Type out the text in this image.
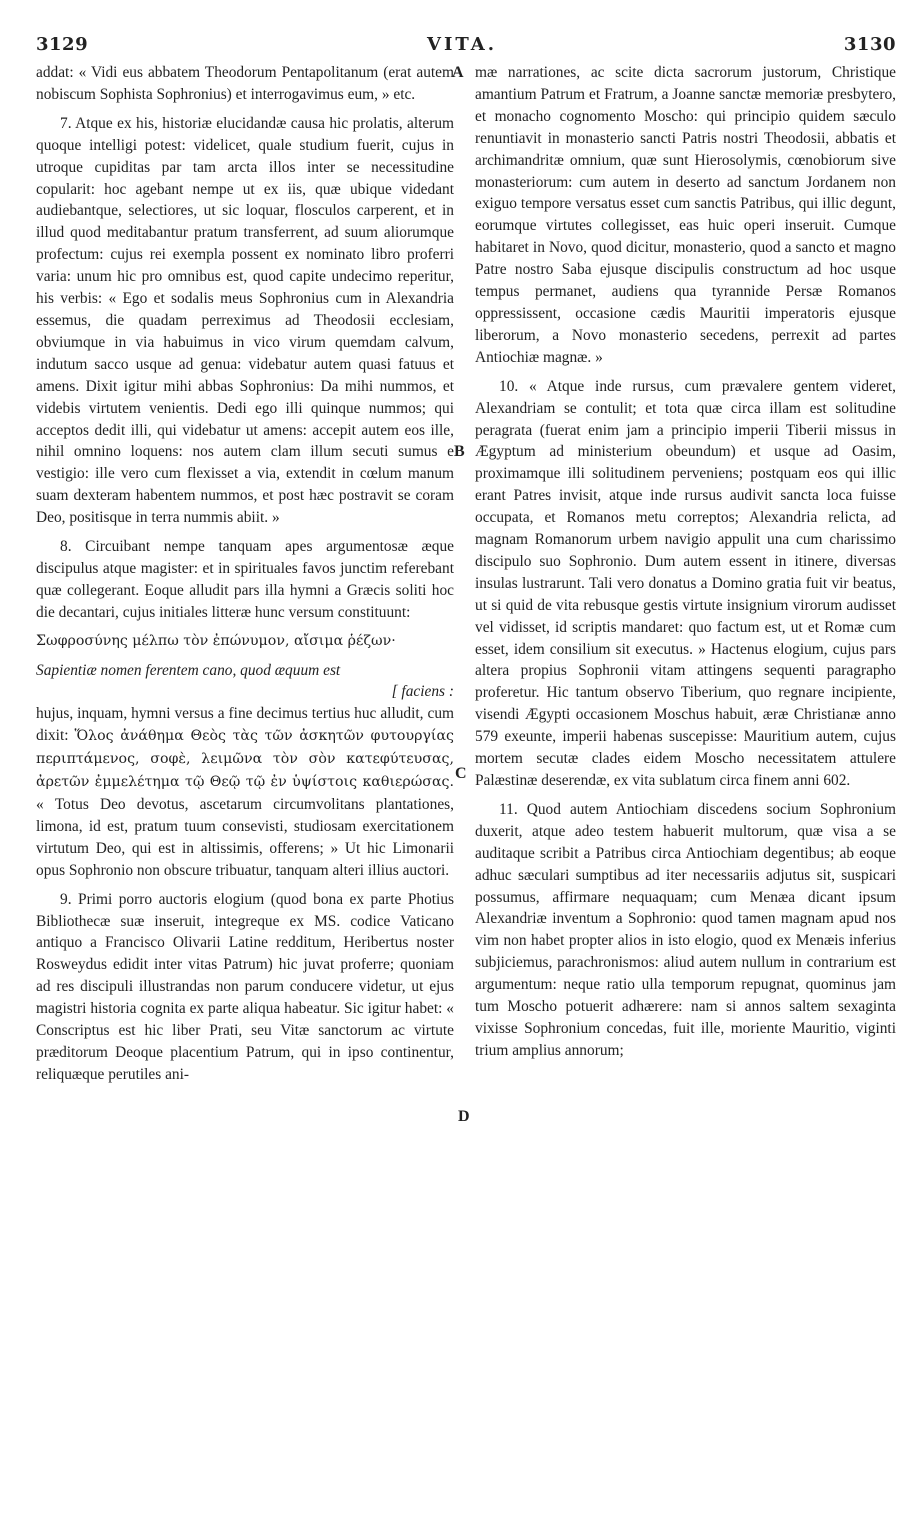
3129	VITA.	3130
A
B
C
D

addat: « Vidi eus abbatem Theodorum Pentapolitanum (erat autem nobiscum Sophista Sophronius) et interrogavimus eum, » etc.

7. Atque ex his, historiæ elucidandæ causa hic prolatis, alterum quoque intelligi potest: videlicet, quale studium fuerit, cujus in utroque cupiditas par tam arcta illos inter se necessitudine copularit: hoc agebant nempe ut ex iis, quæ ubique videdant audiebantque, selectiores, ut sic loquar, flosculos carperent, et in illud quod meditabantur pratum transferrent, ad suum aliorumque profectum: cujus rei exempla possent ex nominato libro proferri varia: unum hic pro omnibus est, quod capite undecimo reperitur, his verbis: « Ego et sodalis meus Sophronius cum in Alexandria essemus, die quadam perreximus ad Theodosii ecclesiam, obviumque in via habuimus in vico virum quemdam calvum, indutum sacco usque ad genua: videbatur autem quasi fatuus et amens. Dixit igitur mihi abbas Sophronius: Da mihi nummos, et videbis virtutem venientis. Dedi ego illi quinque nummos; qui acceptos dedit illi, qui videbatur ut amens: accepit autem eos ille, nihil omnino loquens: nos autem clam illum secuti sumus e vestigio: ille vero cum flexisset a via, extendit in cœlum manum suam dexteram habentem nummos, et post hæc postravit se coram Deo, positisque in terra nummis abiit. »

8. Circuibant nempe tanquam apes argumentosæ æque discipulus atque magister: et in spirituales favos junctim referebant quæ collegerant. Eoque alludit pars illa hymni a Græcis soliti hoc die decantari, cujus initiales litteræ hunc versum constituunt:

Σωφροσύνης μέλπω τὸν ἐπώνυμον, αἴσιμα ῥέζων·

Sapientiæ nomen ferentem cano, quod æquum est

[ faciens :

hujus, inquam, hymni versus a fine decimus tertius huc alludit, cum dixit: Ὅλος ἀνάθημα Θεὸς τὰς τῶν ἀσκητῶν φυτουργίας περιπτάμενος, σοφὲ, λειμῶνα τὸν σὸν κατεφύτευσας, ἀρετῶν ἐμμελέτημα τῷ Θεῷ τῷ ἐν ὑψίστοις καθιερώσας. « Totus Deo devotus, ascetarum circumvolitans plantationes, limona, id est, pratum tuum consevisti, studiosam exercitationem virtutum Deo, qui est in altissimis, offerens; » Ut hic Limonarii opus Sophronio non obscure tribuatur, tanquam alteri illius auctori.

9. Primi porro auctoris elogium (quod bona ex parte Photius Bibliothecæ suæ inseruit, integreque ex MS. codice Vaticano antiquo a Francisco Olivarii Latine redditum, Heribertus noster Rosweydus edidit inter vitas Patrum) hic juvat proferre; quoniam ad res discipuli illustrandas non parum conducere videtur, ut ejus magistri historia cognita ex parte aliqua habeatur. Sic igitur habet: « Conscriptus est hic liber Prati, seu Vitæ sanctorum ac virtute præditorum Deoque placentium Patrum, qui in ipso continentur, reliquæque perutiles ani-

mæ narrationes, ac scite dicta sacrorum justorum, Christique amantium Patrum et Fratrum, a Joanne sanctæ memoriæ presbytero, et monacho cognomento Moscho: qui principio quidem sæculo renuntiavit in monasterio sancti Patris nostri Theodosii, abbatis et archimandritæ omnium, quæ sunt Hierosolymis, cœnobiorum sive monasteriorum: cum autem in deserto ad sanctum Jordanem non exiguo tempore versatus esset cum sanctis Patribus, qui illic degunt, eorumque virtutes collegisset, eas huic operi inseruit. Cumque habitaret in Novo, quod dicitur, monasterio, quod a sancto et magno Patre nostro Saba ejusque discipulis constructum ad hoc usque tempus permanet, audiens qua tyrannide Persæ Romanos oppressissent, occasione cædis Mauritii imperatoris ejusque liberorum, a Novo monasterio secedens, perrexit ad partes Antiochiæ magnæ. »

10. « Atque inde rursus, cum prævalere gentem videret, Alexandriam se contulit; et tota quæ circa illam est solitudine peragrata (fuerat enim jam a principio imperii Tiberii missus in Ægyptum ad ministerium obeundum) et usque ad Oasim, proximamque illi solitudinem perveniens; postquam eos qui illic erant Patres invisit, atque inde rursus audivit sancta loca fuisse occupata, et Romanos metu correptos; Alexandria relicta, ad magnam Romanorum urbem navigio appulit una cum charissimo discipulo suo Sophronio. Dum autem essent in itinere, diversas insulas lustrarunt. Tali vero donatus a Domino gratia fuit vir beatus, ut si quid de vita rebusque gestis virtute insignium virorum audisset vel vidisset, id scriptis mandaret: quo factum est, ut et Romæ cum esset, idem consilium sit executus. » Hactenus elogium, cujus pars altera propius Sophronii vitam attingens sequenti paragrapho proferetur. Hic tantum observo Tiberium, quo regnare incipiente, visendi Ægypti occasionem Moschus habuit, æræ Christianæ anno 579 exeunte, imperii habenas suscepisse: Mauritium autem, cujus mortem secutæ clades eidem Moscho necessitatem attulere Palæstinæ deserendæ, ex vita sublatum circa finem anni 602.

11. Quod autem Antiochiam discedens socium Sophronium duxerit, atque adeo testem habuerit multorum, quæ visa a se auditaque scribit a Patribus circa Antiochiam degentibus; ab eoque adhuc sæculari sumptibus ad iter necessariis adjutus sit, suspicari possumus, affirmare nequaquam; cum Menæa dicant ipsum Alexandriæ inventum a Sophronio: quod tamen magnam apud nos vim non habet propter alios in isto elogio, quod ex Menæis inferius subjiciemus, parachronismos: aliud autem nullum in contrarium est argumentum: neque ratio ulla temporum repugnat, quominus jam tum Moscho potuerit adhærere: nam si annos saltem sexaginta vixisse Sophronium concedas, fuit ille, moriente Mauritio, viginti trium amplius annorum;
